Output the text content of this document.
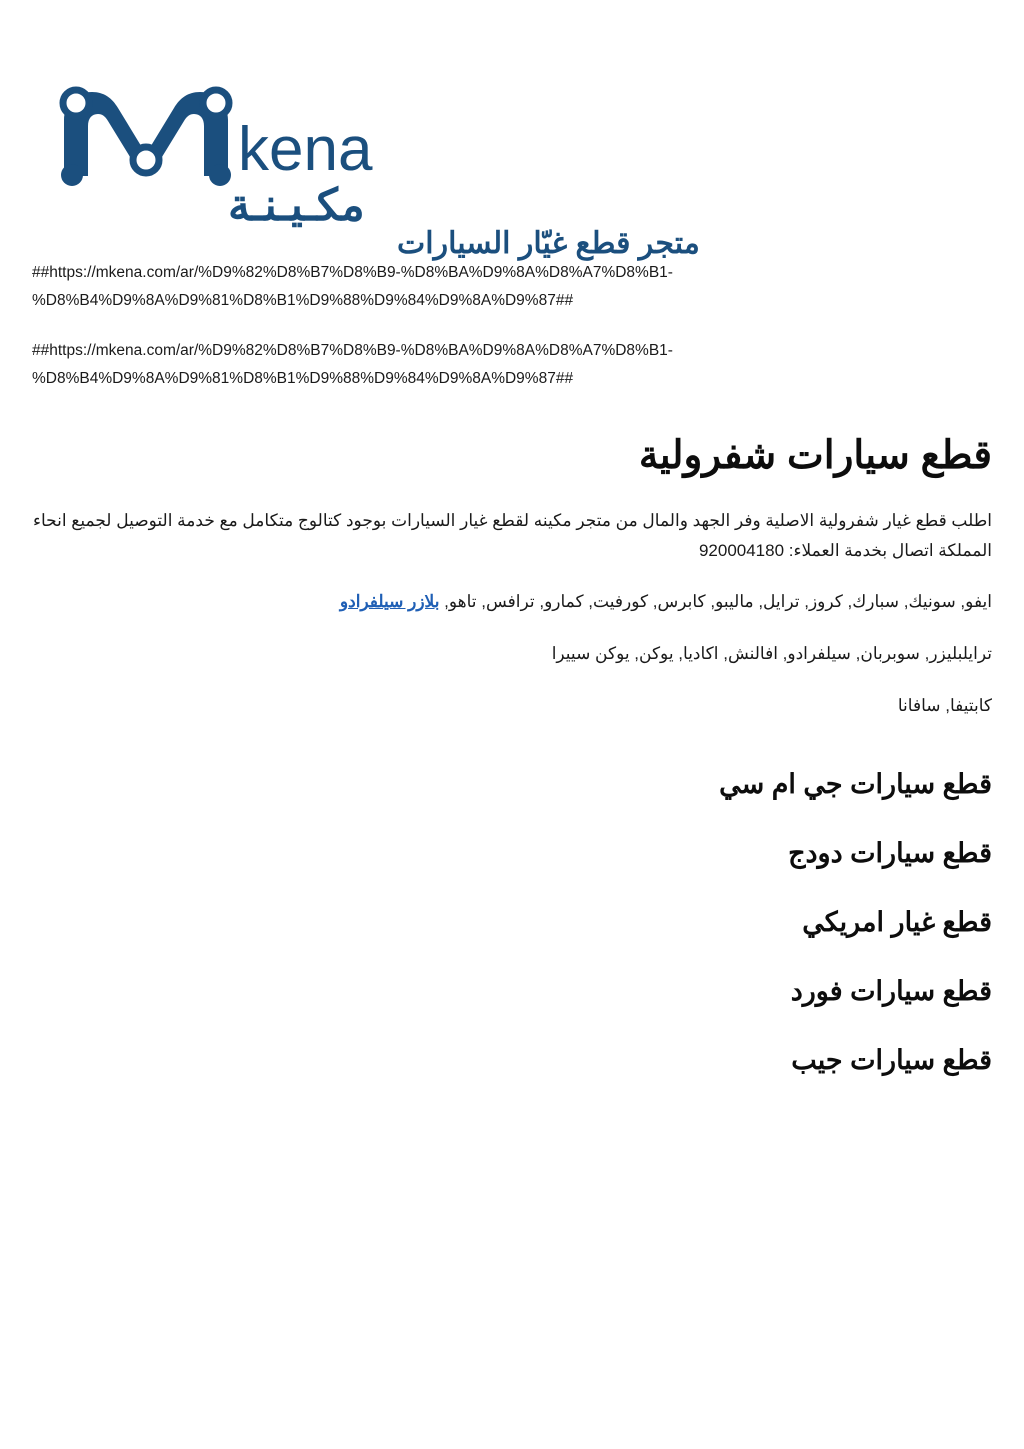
kena
مكـيـنـة
متجر قطع غيّار السيارات
##https://mkena.com/ar/%D9%82%D8%B7%D8%B9-%D8%BA%D9%8A%D8%A7%D8%B1-
%D8%B4%D9%8A%D9%81%D8%B1%D9%88%D9%84%D9%8A%D9%87##
##https://mkena.com/ar/%D9%82%D8%B7%D8%B9-%D8%BA%D9%8A%D8%A7%D8%B1-
%D8%B4%D9%8A%D9%81%D8%B1%D9%88%D9%84%D9%8A%D9%87##
قطع سيارات شفرولية

اطلب قطع غيار شفرولية الاصلية وفر الجهد والمال من متجر مكينه لقطع غيار السيارات بوجود كتالوج متكامل مع خدمة التوصيل لجميع انحاء المملكة اتصال بخدمة العملاء: 920004180

ايفو, سونيك, سبارك, كروز, ترايل, ماليبو, كابرس, كورفيت, كمارو, ترافس, تاهو, بلازر سيلفرادو

ترايلبليزر, سوبربان, سيلفرادو, افالنش, اكاديا, يوكن, يوكن سييرا

كابتيفا, سافانا

قطع سيارات جي ام سي
قطع سيارات دودج
قطع غيار امريكي
قطع سيارات فورد
قطع سيارات جيب
